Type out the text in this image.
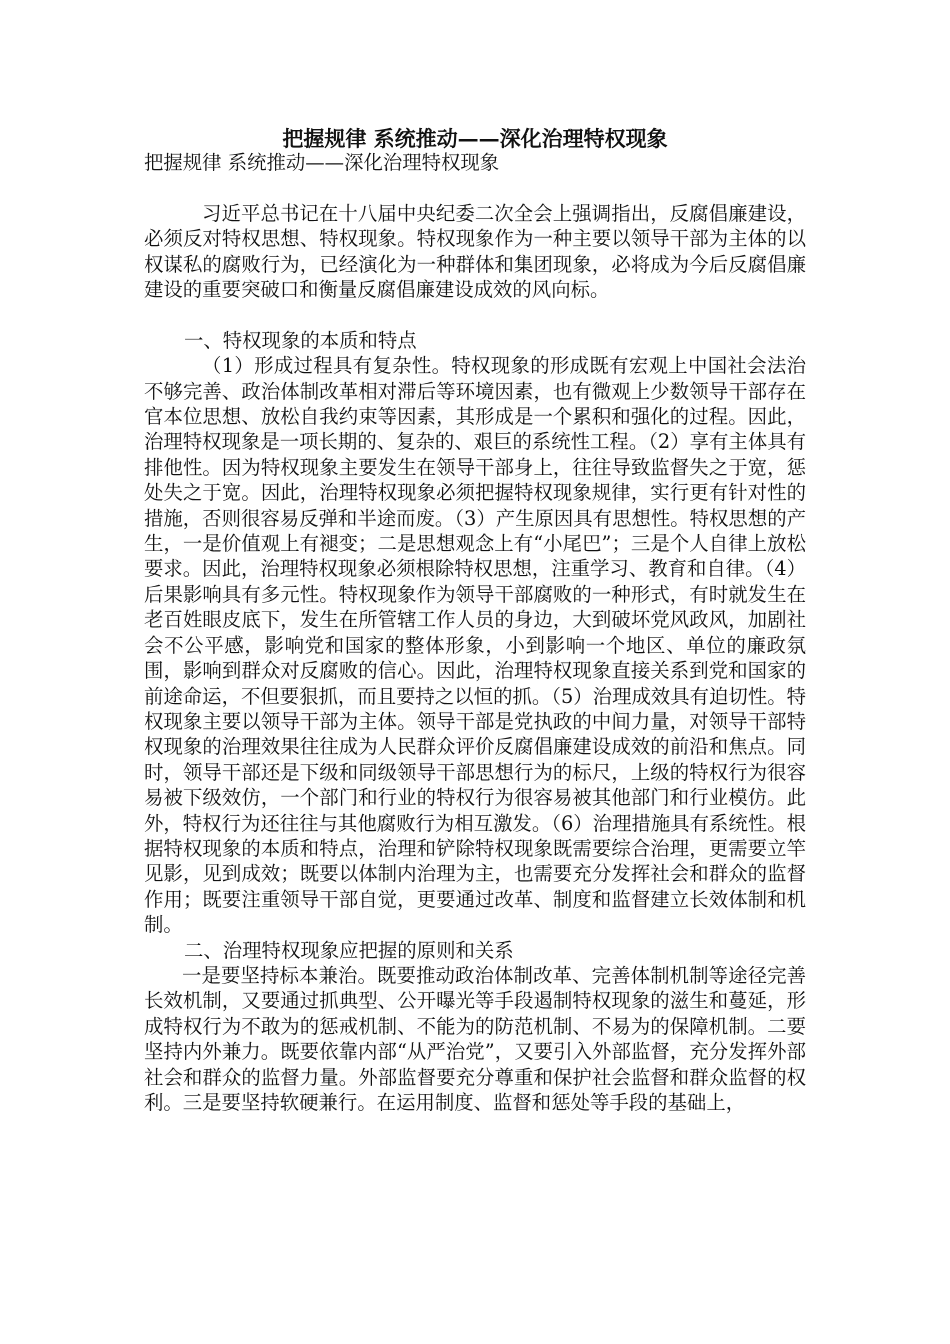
把握规律 系统推动——深化治理特权现象

把握规律 系统推动——深化治理特权现象

习近平总书记在十八届中央纪委二次全会上强调指出，反腐倡廉建设，必须反对特权思想、特权现象。特权现象作为一种主要以领导干部为主体的以权谋私的腐败行为，已经演化为一种群体和集团现象，必将成为今后反腐倡廉建设的重要突破口和衡量反腐倡廉建设成效的风向标。

一、特权现象的本质和特点

（1）形成过程具有复杂性。特权现象的形成既有宏观上中国社会法治不够完善、政治体制改革相对滞后等环境因素，也有微观上少数领导干部存在官本位思想、放松自我约束等因素，其形成是一个累积和强化的过程。因此，治理特权现象是一项长期的、复杂的、艰巨的系统性工程。（2）享有主体具有排他性。因为特权现象主要发生在领导干部身上，往往导致监督失之于宽，惩处失之于宽。因此，治理特权现象必须把握特权现象规律，实行更有针对性的措施，否则很容易反弹和半途而废。（3）产生原因具有思想性。特权思想的产生，一是价值观上有褪变；二是思想观念上有“小尾巴”；三是个人自律上放松要求。因此，治理特权现象必须根除特权思想，注重学习、教育和自律。（4）后果影响具有多元性。特权现象作为领导干部腐败的一种形式，有时就发生在老百姓眼皮底下，发生在所管辖工作人员的身边，大到破坏党风政风，加剧社会不公平感，影响党和国家的整体形象，小到影响一个地区、单位的廉政氛围，影响到群众对反腐败的信心。因此，治理特权现象直接关系到党和国家的前途命运，不但要狠抓，而且要持之以恒的抓。（5）治理成效具有迫切性。特权现象主要以领导干部为主体。领导干部是党执政的中间力量，对领导干部特权现象的治理效果往往成为人民群众评价反腐倡廉建设成效的前沿和焦点。同时，领导干部还是下级和同级领导干部思想行为的标尺，上级的特权行为很容易被下级效仿，一个部门和行业的特权行为很容易被其他部门和行业模仿。此外，特权行为还往往与其他腐败行为相互激发。（6）治理措施具有系统性。根据特权现象的本质和特点，治理和铲除特权现象既需要综合治理，更需要立竿见影，见到成效；既要以体制内治理为主，也需要充分发挥社会和群众的监督作用；既要注重领导干部自觉，更要通过改革、制度和监督建立长效体制和机制。

二、治理特权现象应把握的原则和关系

一是要坚持标本兼治。既要推动政治体制改革、完善体制机制等途径完善长效机制，又要通过抓典型、公开曝光等手段遏制特权现象的滋生和蔓延，形成特权行为不敢为的惩戒机制、不能为的防范机制、不易为的保障机制。二要坚持内外兼力。既要依靠内部“从严治党”，又要引入外部监督，充分发挥外部社会和群众的监督力量。外部监督要充分尊重和保护社会监督和群众监督的权利。三是要坚持软硬兼行。在运用制度、监督和惩处等手段的基础上，
